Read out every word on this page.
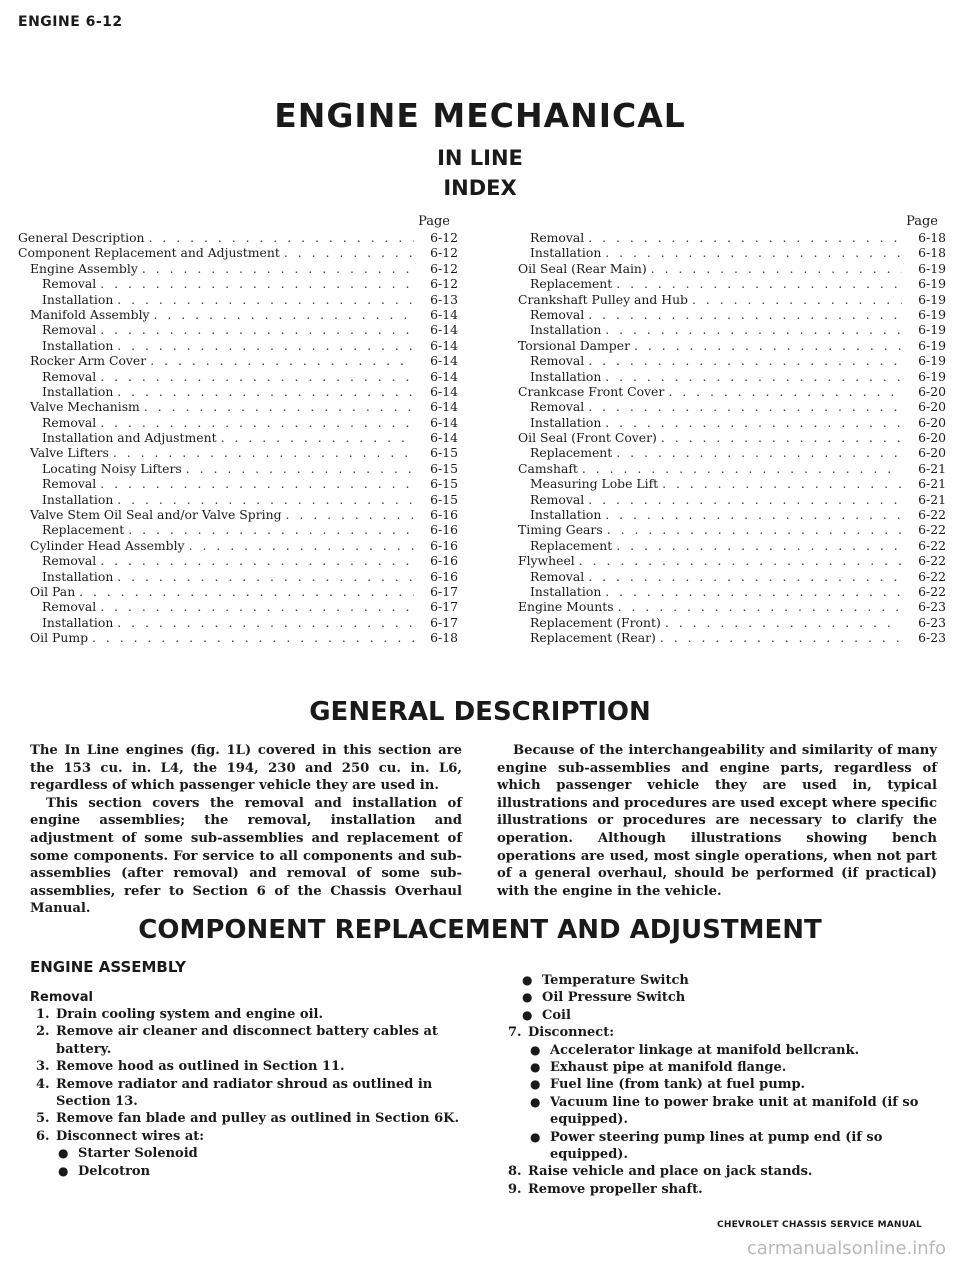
ENGINE 6-12
ENGINE MECHANICAL
IN LINE
INDEX
Page
General Description . . .	6-12
Component Replacement and Adjustment . . .	6-12
Engine Assembly . . .	6-12
Removal . . .	6-12
Installation . . .	6-13
Manifold Assembly . . .	6-14
Removal . . .	6-14
Installation . . .	6-14
Rocker Arm Cover . . .	6-14
Removal . . .	6-14
Installation . . .	6-14
Valve Mechanism . . .	6-14
Removal . . .	6-14
Installation and Adjustment . . .	6-14
Valve Lifters . . .	6-15
Locating Noisy Lifters . . .	6-15
Removal . . .	6-15
Installation . . .	6-15
Valve Stem Oil Seal and/or Valve Spring . . .	6-16
Replacement . . .	6-16
Cylinder Head Assembly . . .	6-16
Removal . . .	6-16
Installation . . .	6-16
Oil Pan . . .	6-17
Removal . . .	6-17
Installation . . .	6-17
Oil Pump . . .	6-18
Page
Removal . . .	6-18
Installation . . .	6-18
Oil Seal (Rear Main) . . .	6-19
Replacement . . .	6-19
Crankshaft Pulley and Hub . . .	6-19
Removal . . .	6-19
Installation . . .	6-19
Torsional Damper . . .	6-19
Removal . . .	6-19
Installation . . .	6-19
Crankcase Front Cover . . .	6-20
Removal . . .	6-20
Installation . . .	6-20
Oil Seal (Front Cover) . . .	6-20
Replacement . . .	6-20
Camshaft . . .	6-21
Measuring Lobe Lift . . .	6-21
Removal . . .	6-21
Installation . . .	6-22
Timing Gears . . .	6-22
Replacement . . .	6-22
Flywheel . . .	6-22
Removal . . .	6-22
Installation . . .	6-22
Engine Mounts . . .	6-23
Replacement (Front) . . .	6-23
Replacement (Rear) . . .	6-23
GENERAL DESCRIPTION

The In Line engines (fig. 1L) covered in this section are the 153 cu. in. L4, the 194, 230 and 250 cu. in. L6, regardless of which passenger vehicle they are used in.

This section covers the removal and installation of engine assemblies; the removal, installation and adjustment of some sub-assemblies and replacement of some components. For service to all components and sub-assemblies (after removal) and removal of some sub-assemblies, refer to Section 6 of the Chassis Overhaul Manual.

Because of the interchangeability and similarity of many engine sub-assemblies and engine parts, regardless of which passenger vehicle they are used in, typical illustrations and procedures are used except where specific illustrations or procedures are necessary to clarify the operation. Although illustrations showing bench operations are used, most single operations, when not part of a general overhaul, should be performed (if practical) with the engine in the vehicle.

COMPONENT REPLACEMENT AND ADJUSTMENT
ENGINE ASSEMBLY
Removal
1. Drain cooling system and engine oil.
2. Remove air cleaner and disconnect battery cables at battery.
3. Remove hood as outlined in Section 11.
4. Remove radiator and radiator shroud as outlined in Section 13.
5. Remove fan blade and pulley as outlined in Section 6K.
6. Disconnect wires at:
● Starter Solenoid
● Delcotron
● Temperature Switch
● Oil Pressure Switch
● Coil
7. Disconnect:
● Accelerator linkage at manifold bellcrank.
● Exhaust pipe at manifold flange.
● Fuel line (from tank) at fuel pump.
● Vacuum line to power brake unit at manifold (if so equipped).
● Power steering pump lines at pump end (if so equipped).
8. Raise vehicle and place on jack stands.
9. Remove propeller shaft.
CHEVROLET CHASSIS SERVICE MANUAL
carmanualsonline.info
